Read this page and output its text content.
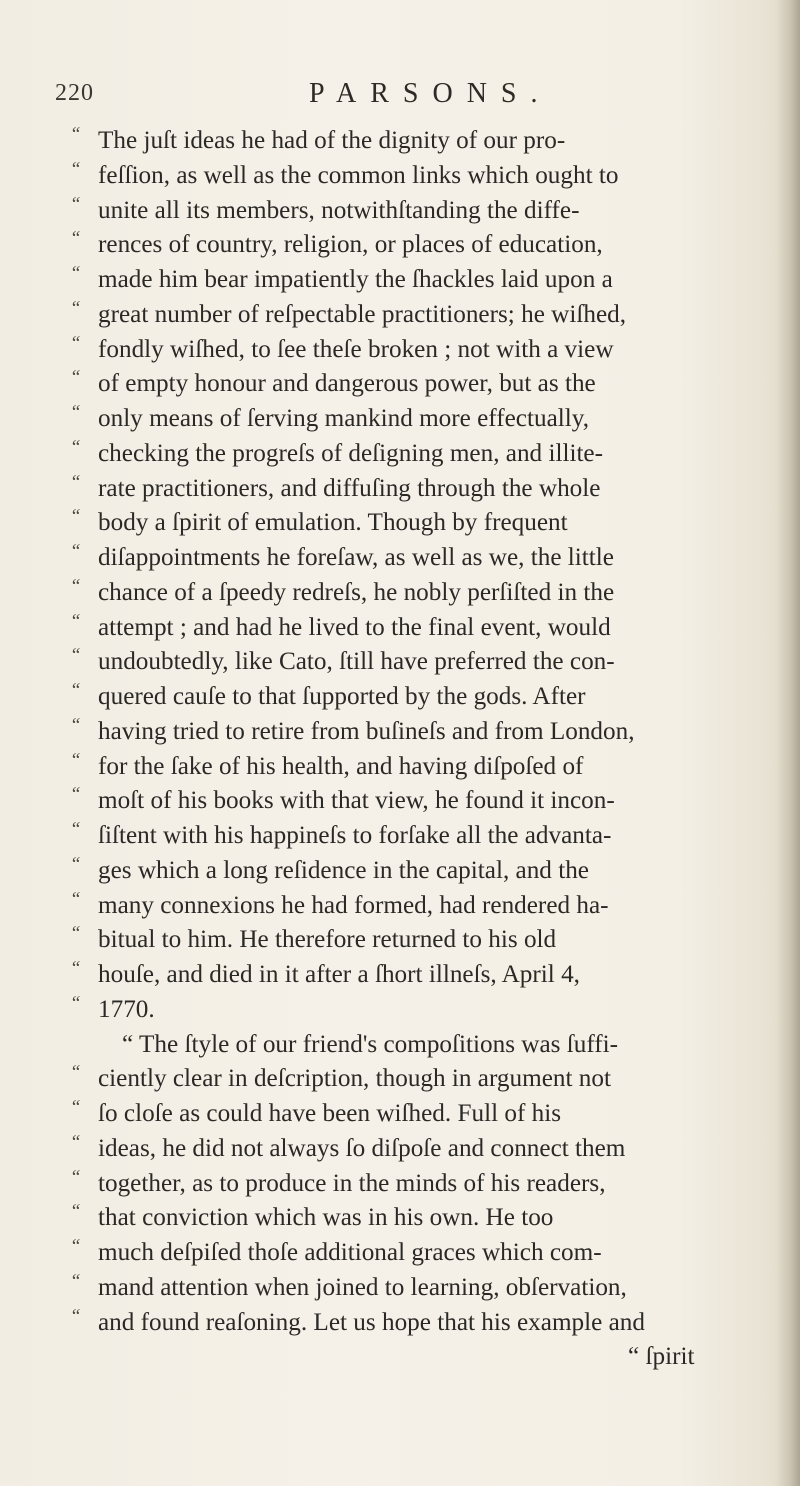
220	PARSONS.
“ The juſt ideas he had of the dignity of our pro-
“ feſſion, as well as the common links which ought to
“ unite all its members, notwithſtanding the diffe-
“ rences of country, religion, or places of education,
“ made him bear impatiently the ſhackles laid upon a
“ great number of reſpectable practitioners; he wiſhed,
“ fondly wiſhed, to ſee theſe broken ; not with a view
“ of empty honour and dangerous power, but as the
“ only means of ſerving mankind more effectually,
“ checking the progreſs of deſigning men, and illite-
“ rate practitioners, and diffuſing through the whole
“ body a ſpirit of emulation. Though by frequent
“ diſappointments he foreſaw, as well as we, the little
“ chance of a ſpeedy redreſs, he nobly perſiſted in the
“ attempt ; and had he lived to the final event, would
“ undoubtedly, like Cato, ſtill have preferred the con-
“ quered cauſe to that ſupported by the gods. After
“ having tried to retire from buſineſs and from London,
“ for the ſake of his health, and having diſpoſed of
“ moſt of his books with that view, he found it incon-
“ ſiſtent with his happineſs to forſake all the advanta-
“ ges which a long reſidence in the capital, and the
“ many connexions he had formed, had rendered ha-
“ bitual to him. He therefore returned to his old
“ houſe, and died in it after a ſhort illneſs, April 4,
“ 1770.
“ The ſtyle of our friend's compoſitions was ſuffi-
“ ciently clear in deſcription, though in argument not
“ ſo cloſe as could have been wiſhed. Full of his
“ ideas, he did not always ſo diſpoſe and connect them
“ together, as to produce in the minds of his readers,
“ that conviction which was in his own. He too
“ much deſpiſed thoſe additional graces which com-
“ mand attention when joined to learning, obſervation,
“ and found reaſoning. Let us hope that his example and
“ ſpirit
